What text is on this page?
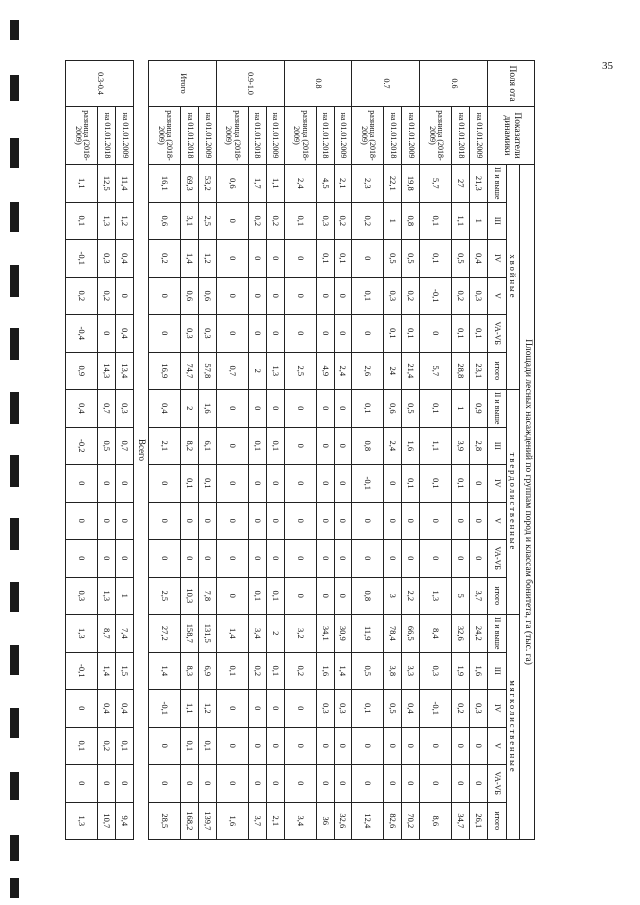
35
Поля ота	Показатели динамики	Площади лесных насаждений по группам пород и классам бонитета, га (тыс. га)																	
		хвойные						твердолиственные						мягколиственные					
		II и выше	III	IV	V	VA-VБ	итого	II и выше	III	IV	V	VA-VБ	итого	II и выше	III	IV	V	VA-VБ	итого
0.6	на 01.01.2009	21,3	1	0,4	0,3	0,1	23,1	0,9	2,8	0	0	0	3,7	24,2	1,6	0,3	0	0	26,1
	на 01.01.2018	27	1,1	0,5	0,2	0,1	28,8	1	3,9	0,1	0	0	5	32,6	1,9	0,2	0	0	34,7
	разница (2018-2009)	5,7	0,1	0,1	-0,1	0	5,7	0,1	1,1	0,1	0	0	1,3	8,4	0,3	-0,1	0	0	8,6
0.7	на 01.01.2009	19,8	0,8	0,5	0,2	0,1	21,4	0,5	1,6	0,1	0	0	2,2	66,5	3,3	0,4	0	0	70,2
	на 01.01.2018	22,1	1	0,5	0,3	0,1	24	0,6	2,4	0	0	0	3	78,4	3,8	0,5	0	0	82,6
	разница (2018-2009)	2,3	0,2	0	0,1	0	2,6	0,1	0,8	-0,1	0	0	0,8	11,9	0,5	0,1	0	0	12,4
0.8	на 01.01.2009	2,1	0,2	0,1	0	0	2,4	0	0	0	0	0	0	30,9	1,4	0,3	0	0	32,6
	на 01.01.2018	4,5	0,3	0,1	0	0	4,9	0	0	0	0	0	0	34,1	1,6	0,3	0	0	36
	разница (2018-2009)	2,4	0,1	0	0	0	2,5	0	0	0	0	0	0	3,2	0,2	0	0	0	3,4
0.9-1.0	на 01.01.2009	1,1	0,2	0	0	0	1,3	0	0,1	0	0	0	0,1	2	0,1	0	0	0	2,1
	на 01.01.2018	1,7	0,2	0	0	0	2	0	0,1	0	0	0	0,1	3,4	0,2	0	0	0	3,7
	разница (2018-2009)	0,6	0	0	0	0	0,7	0	0	0	0	0	0	1,4	0,1	0	0	0	1,6
Итого	на 01.01.2009	53,2	2,5	1,2	0,6	0,3	57,8	1,6	6,1	0,1	0	0	7,8	131,5	6,9	1,2	0,1	0	139,7
	на 01.01.2018	69,3	3,1	1,4	0,6	0,3	74,7	2	8,2	0,1	0	0	10,3	158,7	8,3	1,1	0,1	0	168,2
	разница (2018-2009)	16,1	0,6	0,2	0	0	16,9	0,4	2,1	0	0	0	2,5	27,2	1,4	-0,1	0	0	28,5
Всего																			
0.3-0.4	на 01.01.2009	11,4	1,2	0,4	0	0,4	13,4	0,3	0,7	0	0	0	1	7,4	1,5	0,4	0,1	0	9,4
	на 01.01.2018	12,5	1,3	0,3	0,2	0	14,3	0,7	0,5	0	0	0	1,3	8,7	1,4	0,4	0,2	0	10,7
	разница (2018-2009)	1,1	0,1	-0,1	0,2	-0,4	0,9	0,4	-0,2	0	0	0	0,3	1,3	-0,1	0	0,1	0	1,3
